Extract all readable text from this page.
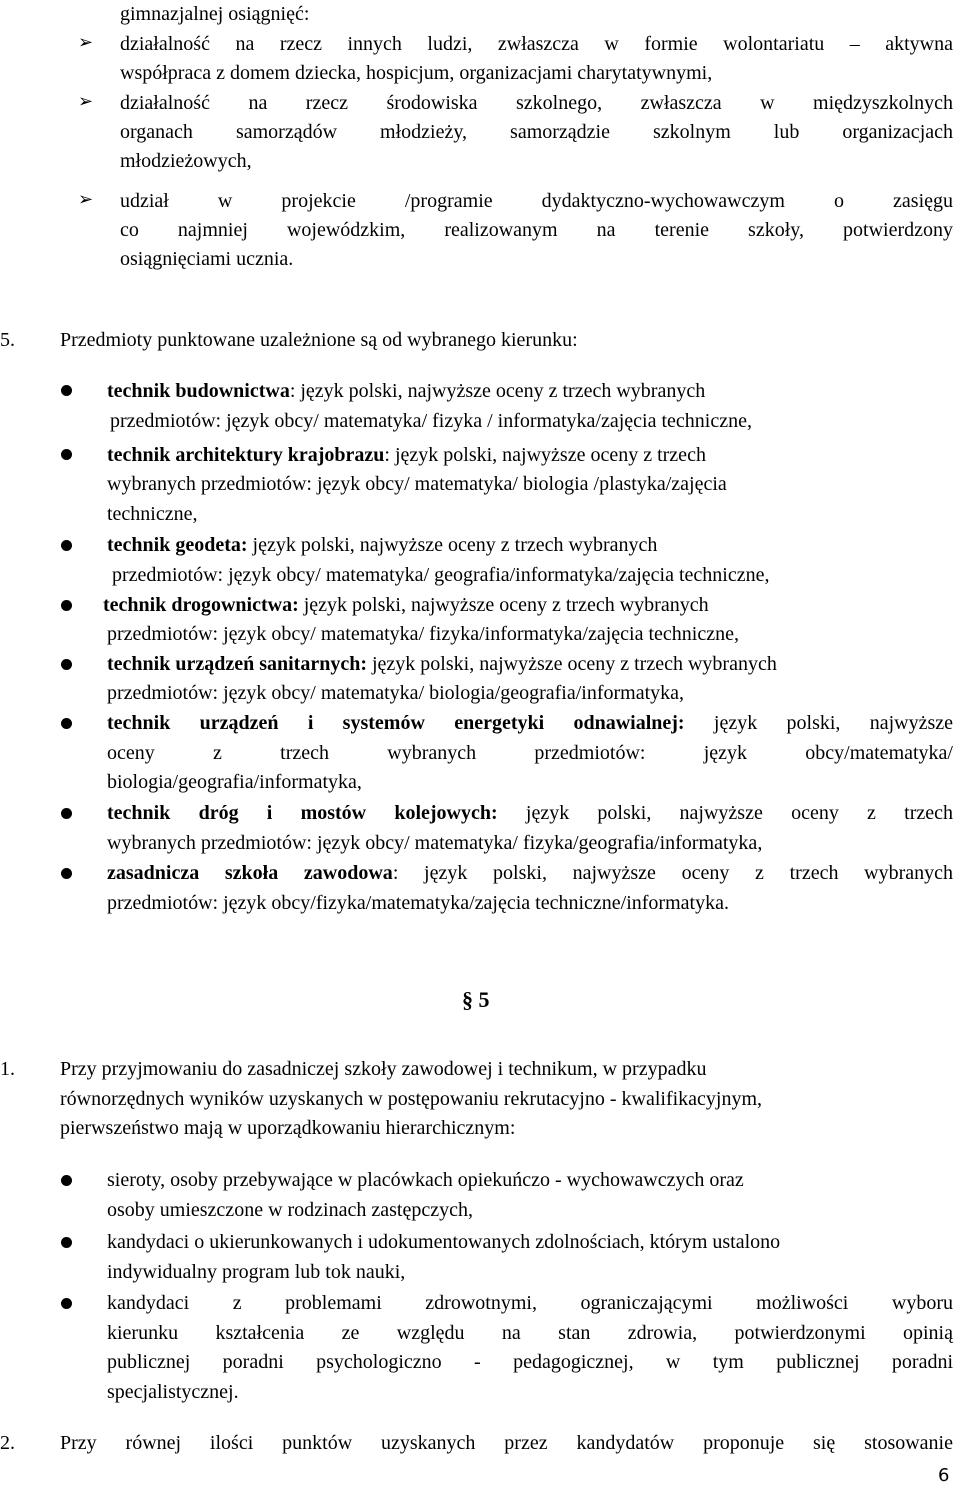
gimnazjalnej osiągnięć:
➢ działalność na rzecz innych ludzi, zwłaszcza w formie wolontariatu – aktywna
współpraca z domem dziecka, hospicjum, organizacjami charytatywnymi,
➢ działalność na rzecz środowiska szkolnego, zwłaszcza w międzyszkolnych
organach samorządów młodzieży, samorządzie szkolnym lub organizacjach
młodzieżowych,
➢ udział w projekcie /programie dydaktyczno-wychowawczym o zasięgu
co najmniej wojewódzkim, realizowanym na terenie szkoły, potwierdzony
osiągnięciami ucznia.
5. Przedmioty punktowane uzależnione są od wybranego kierunku:
technik budownictwa: język polski, najwyższe oceny z trzech wybranych
przedmiotów: język obcy/ matematyka/ fizyka / informatyka/zajęcia techniczne,
technik architektury krajobrazu: język polski, najwyższe oceny z trzech
wybranych przedmiotów: język obcy/ matematyka/ biologia /plastyka/zajęcia
techniczne,
technik geodeta: język polski, najwyższe oceny z trzech wybranych
przedmiotów: język obcy/ matematyka/ geografia/informatyka/zajęcia techniczne,
technik drogownictwa: język polski, najwyższe oceny z trzech wybranych
przedmiotów: język obcy/ matematyka/ fizyka/informatyka/zajęcia techniczne,
technik urządzeń sanitarnych: język polski, najwyższe oceny z trzech wybranych
przedmiotów: język obcy/ matematyka/ biologia/geografia/informatyka,
technik urządzeń i systemów energetyki odnawialnej: język polski, najwyższe
oceny z trzech wybranych przedmiotów: język obcy/matematyka/
biologia/geografia/informatyka,
technik dróg i mostów kolejowych: język polski, najwyższe oceny z trzech
wybranych przedmiotów: język obcy/ matematyka/ fizyka/geografia/informatyka,
zasadnicza szkoła zawodowa: język polski, najwyższe oceny z trzech wybranych
przedmiotów: język obcy/fizyka/matematyka/zajęcia techniczne/informatyka.
§ 5
1. Przy przyjmowaniu do zasadniczej szkoły zawodowej i technikum, w przypadku
równorzędnych wyników uzyskanych w postępowaniu rekrutacyjno - kwalifikacyjnym,
pierwszeństwo mają w uporządkowaniu hierarchicznym:
sieroty, osoby przebywające w placówkach opiekuńczo - wychowawczych oraz
osoby umieszczone w rodzinach zastępczych,
kandydaci o ukierunkowanych i udokumentowanych zdolnościach, którym ustalono
indywidualny program lub tok nauki,
kandydaci z problemami zdrowotnymi, ograniczającymi możliwości wyboru
kierunku kształcenia ze względu na stan zdrowia, potwierdzonymi opinią
publicznej poradni psychologiczno - pedagogicznej, w tym publicznej poradni
specjalistycznej.
2. Przy równej ilości punktów uzyskanych przez kandydatów proponuje się stosowanie
6
